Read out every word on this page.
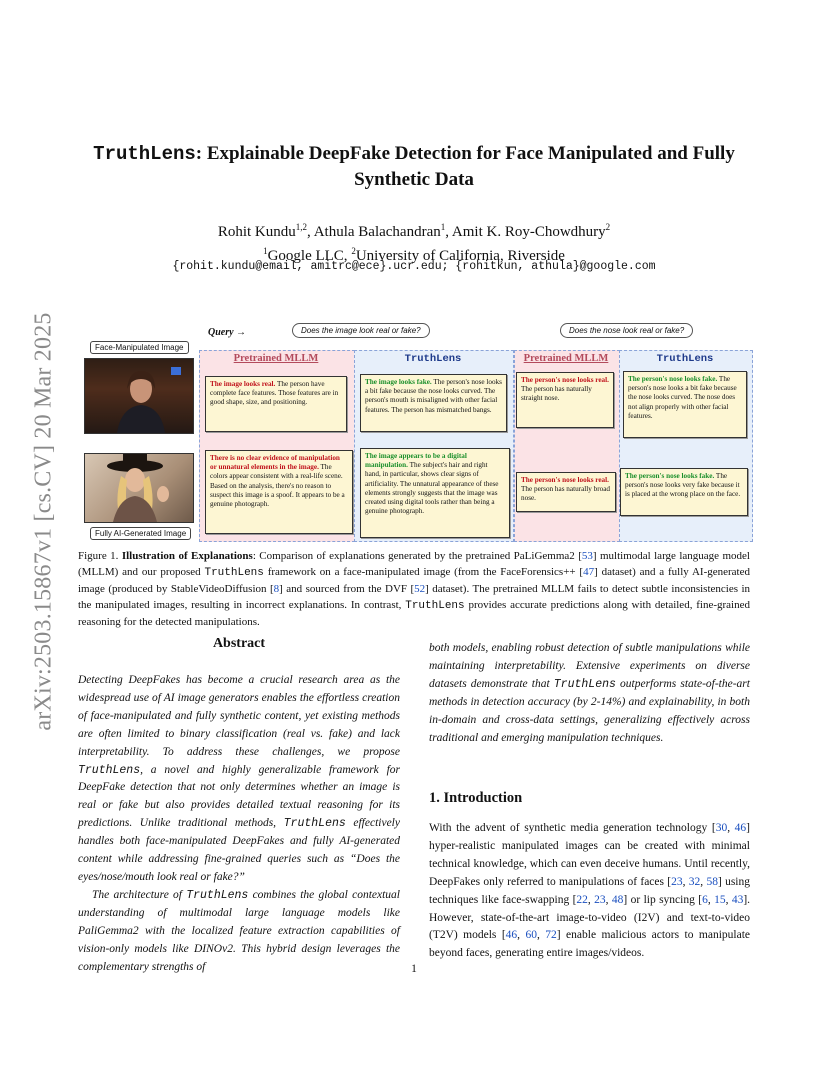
arXiv:2503.15867v1 [cs.CV] 20 Mar 2025
TruthLens: Explainable DeepFake Detection for Face Manipulated and Fully
Synthetic Data
Rohit Kundu$^{1,2}$, Athula Balachandran$^1$, Amit K. Roy-Chowdhury$^2$
$^1$Google LLC, $^2$University of California, Riverside
{rohit.kundu@email, amitrc@ece}.ucr.edu; {rohitkun, athula}@google.com
Query →	Does the image look real or fake?	Does the nose look real or fake?
Face-Manipulated Image
Fully AI-Generated Image
Pretrained MLLM	TruthLens	Pretrained MLLM	TruthLens
The image looks real. The person have complete face features. Those features are in good shape, size, and positioning.
The image looks fake. The person's nose looks a bit fake because the nose looks curved. The person's mouth is misaligned with other facial features. The person has mismatched bangs.
The person's nose looks real. The person has naturally straight nose.
The person's nose looks fake. The person's nose looks a bit fake because the nose looks curved. The nose does not align properly with other facial features.
There is no clear evidence of manipulation or unnatural elements in the image. The colors appear consistent with a real-life scene. Based on the analysis, there's no reason to suspect this image is a spoof. It appears to be a genuine photograph.
The image appears to be a digital manipulation. The subject's hair and right hand, in particular, shows clear signs of artificiality. The unnatural appearance of these elements strongly suggests that the image was created using digital tools rather than being a genuine photograph.
The person's nose looks real. The person has naturally broad nose.
The person's nose looks fake. The person's nose looks very fake because it is placed at the wrong place on the face.
Figure 1. Illustration of Explanations: Comparison of explanations generated by the pretrained PaLiGemma2 [53] multimodal large language model (MLLM) and our proposed TruthLens framework on a face-manipulated image (from the FaceForensics++ [47] dataset) and a fully AI-generated image (produced by StableVideoDiffusion [8] and sourced from the DVF [52] dataset). The pretrained MLLM fails to detect subtle inconsistencies in the manipulated images, resulting in incorrect explanations. In contrast, TruthLens provides accurate predictions along with detailed, fine-grained reasoning for the detected manipulations.
Abstract
Detecting DeepFakes has become a crucial research area as the widespread use of AI image generators enables the effortless creation of face-manipulated and fully synthetic content, yet existing methods are often limited to binary classification (real vs. fake) and lack interpretability. To address these challenges, we propose TruthLens, a novel and highly generalizable framework for DeepFake detection that not only determines whether an image is real or fake but also provides detailed textual reasoning for its predictions. Unlike traditional methods, TruthLens effectively handles both face-manipulated DeepFakes and fully AI-generated content while addressing fine-grained queries such as “Does the eyes/nose/mouth look real or fake?”
The architecture of TruthLens combines the global contextual understanding of multimodal large language models like PaliGemma2 with the localized feature extraction capabilities of vision-only models like DINOv2. This hybrid design leverages the complementary strengths of
both models, enabling robust detection of subtle manipulations while maintaining interpretability. Extensive experiments on diverse datasets demonstrate that TruthLens outperforms state-of-the-art methods in detection accuracy (by 2-14%) and explainability, in both in-domain and cross-data settings, generalizing effectively across traditional and emerging manipulation techniques.
1. Introduction
With the advent of synthetic media generation technology [30, 46] hyper-realistic manipulated images can be created with minimal technical knowledge, which can even deceive humans. Until recently, DeepFakes only referred to manipulations of faces [23, 32, 58] using techniques like face-swapping [22, 23, 48] or lip syncing [6, 15, 43]. However, state-of-the-art image-to-video (I2V) and text-to-video (T2V) models [46, 60, 72] enable malicious actors to manipulate beyond faces, generating entire images/videos.
1
